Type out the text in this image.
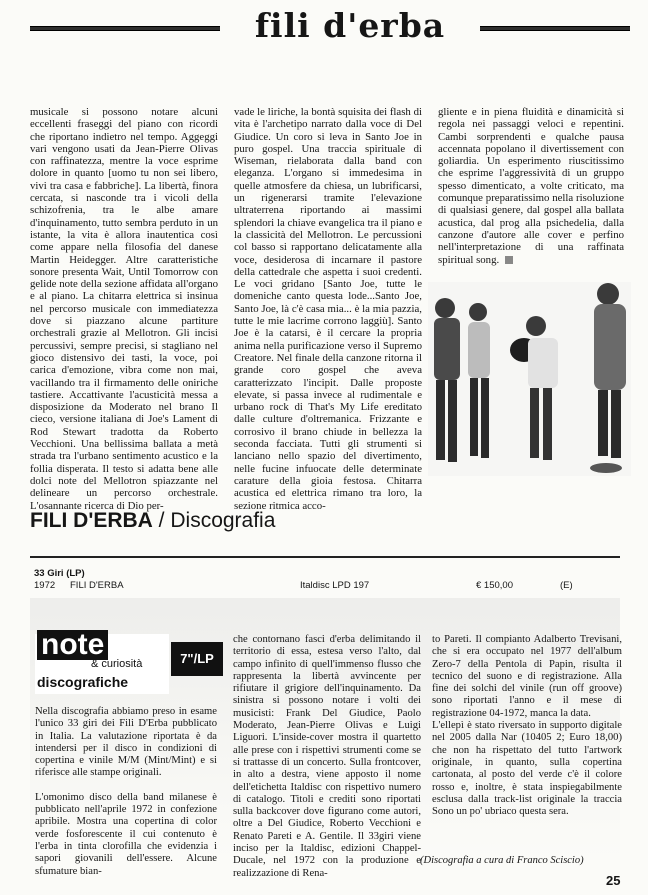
fili d'erba

musicale si possono notare alcuni eccellenti fraseggi del piano con ricordi che riportano indietro nel tempo. Aggeggi vari vengono usati da Jean-Pierre Olivas con raffinatezza, mentre la voce esprime dolore in quanto [uomo tu non sei libero, vivi tra casa e fabbriche]. La libertà, finora cercata, si nasconde tra i vicoli della schizofrenia, tra le albe amare d'inquinamento, tutto sembra perduto in un istante, la vita è allora inautentica così come appare nella filosofia del danese Martin Heidegger. Altre caratteristiche sonore presenta Wait, Until Tomorrow con gelide note della sezione affidata all'organo e al piano. La chitarra elettrica si insinua nel percorso musicale con immediatezza dove si piazzano alcune partiture orchestrali grazie al Mellotron. Gli incisi percussivi, sempre precisi, si stagliano nel gioco distensivo dei tasti, la voce, poi carica d'emozione, vibra come non mai, vacillando tra il firmamento delle oniriche tastiere. Accattivante l'acusticità messa a disposizione da Moderato nel brano Il cieco, versione italiana di Joe's Lament di Rod Stewart tradotta da Roberto Vecchioni. Una bellissima ballata a metà strada tra l'urbano sentimento acustico e la follia disperata. Il testo si adatta bene alle dolci note del Mellotron spiazzante nel delineare un percorso orchestrale. L'osannante ricerca di Dio per-

vade le liriche, la bontà squisita dei flash di vita è l'archetipo narrato dalla voce di Del Giudice. Un coro si leva in Santo Joe in puro gospel. Una traccia spirituale di Wiseman, rielaborata dalla band con eleganza. L'organo si immedesima in quelle atmosfere da chiesa, un lubrificarsi, un rigenerarsi tramite l'elevazione ultraterrena riportando ai massimi splendori la chiave evangelica tra il piano e la classicità del Mellotron. Le percussioni col basso si rapportano delicatamente alla voce, desiderosa di incarnare il pastore della cattedrale che aspetta i suoi credenti. Le voci gridano [Santo Joe, tutte le domeniche canto questa lode...Santo Joe, Santo Joe, là c'è casa mia... è la mia pazzia, tutte le mie lacrime corrono laggiù]. Santo Joe è la catarsi, è il cercare la propria anima nella purificazione verso il Supremo Creatore. Nel finale della canzone ritorna il grande coro gospel che aveva caratterizzato l'incipit. Dalle proposte elevate, si passa invece al rudimentale e urbano rock di That's My Life ereditato dalle culture d'oltremanica. Frizzante e corrosivo il brano chiude in bellezza la seconda facciata. Tutti gli strumenti si lanciano nello spazio del divertimento, nelle fucine infuocate delle determinate carature della gioia festosa. Chitarra acustica ed elettrica rimano tra loro, la sezione ritmica acco-

gliente e in piena fluidità e dinamicità si regola nei passaggi veloci e repentini. Cambi sorprendenti e qualche pausa accennata popolano il divertissement con goliardia. Un esperimento riuscitissimo che esprime l'aggressività di un gruppo spesso dimenticato, a volte criticato, ma comunque preparatissimo nella risoluzione di qualsiasi genere, dal gospel alla ballata acustica, dal prog alla psichedelia, dalla canzone d'autore alle cover e perfino nell'interpretazione di una raffinata spiritual song.

FILI D'ERBA / Discografia
33 Giri (LP)
1972 FILI D'ERBA	Italdisc LPD 197	€ 150,00	(E)
note
& curiosità
discografiche
7"/LP

Nella discografia abbiamo preso in esame l'unico 33 giri dei Fili D'Erba pubblicato in Italia. La valutazione riportata è da intendersi per il disco in condizioni di copertina e vinile M/M (Mint/Mint) e si riferisce alle stampe originali.

L'omonimo disco della band milanese è pubblicato nell'aprile 1972 in confezione apribile. Mostra una copertina di color verde fosforescente il cui contenuto è l'erba in tinta clorofilla che evidenzia i sapori giovanili dell'essere. Alcune sfumature bian-

che contornano fasci d'erba delimitando il territorio di essa, estesa verso l'alto, dal campo infinito di quell'immenso flusso che rappresenta la libertà avvincente per rifiutare il grigiore dell'inquinamento. Da sinistra si possono notare i volti dei musicisti: Frank Del Giudice, Paolo Moderato, Jean-Pierre Olivas e Luigi Liguori. L'inside-cover mostra il quartetto alle prese con i rispettivi strumenti come se si trattasse di un concerto. Sulla frontcover, in alto a destra, viene apposto il nome dell'etichetta Italdisc con rispettivo numero di catalogo. Titoli e crediti sono riportati sulla backcover dove figurano come autori, oltre a Del Giudice, Roberto Vecchioni e Renato Pareti e A. Gentile. Il 33giri viene inciso per la Italdisc, edizioni Chappel-Ducale, nel 1972 con la produzione e realizzazione di Rena-

to Pareti. Il compianto Adalberto Trevisani, che si era occupato nel 1977 dell'album Zero-7 della Pentola di Papin, risulta il tecnico del suono e di registrazione. Alla fine dei solchi del vinile (run off groove) sono riportati l'anno e il mese di registrazione 04-1972, manca la data.

L'ellepì è stato riversato in supporto digitale nel 2005 dalla Nar (10405 2; Euro 18,00) che non ha rispettato del tutto l'artwork originale, in quanto, sulla copertina cartonata, al posto del verde c'è il colore rosso e, inoltre, è stata inspiegabilmente esclusa dalla track-list originale la traccia Sono un po' ubriaco questa sera.

(Discografia a cura di Franco Sciscio)
25
